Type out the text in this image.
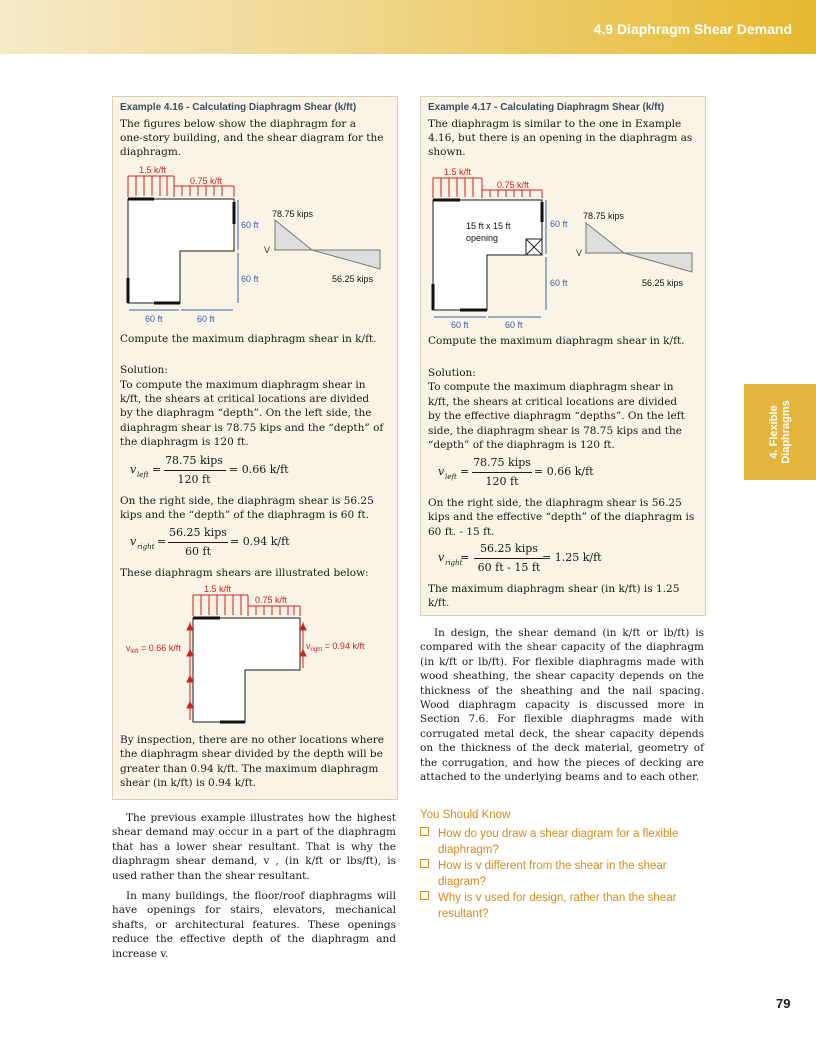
4.9 Diaphragm Shear Demand
4. Flexible Diaphragms
Example 4.16 - Calculating Diaphragm Shear (k/ft)
The figures below show the diaphragm for a
one-story building, and the shear diagram for the
diaphragm.
1.5 k/ft
0.75 k/ft
60 ft
60 ft
60 ft	60 ft
V
78.75 kips
56.25 kips
Compute the maximum diaphragm shear in k/ft.
Solution:
To compute the maximum diaphragm shear in
k/ft, the shears at critical locations are divided
by the diaphragm “depth”. On the left side, the
diaphragm shear is 78.75 kips and the “depth” of
the diaphragm is 120 ft.
v left =
78.75 kips
120 ft
= 0.66 k/ft
On the right side, the diaphragm shear is 56.25
kips and the “depth” of the diaphragm is 60 ft.
v right =
56.25 kips
60 ft
= 0.94 k/ft
These diaphragm shears are illustrated below:
1.5 k/ft
0.75 k/ft
$v_{left} = 0.66$ k/ft	$v_{right} = 0.94$ k/ft
By inspection, there are no other locations where
the diaphragm shear divided by the depth will be
greater than 0.94 k/ft. The maximum diaphragm
shear (in k/ft) is 0.94 k/ft.
Example 4.17 - Calculating Diaphragm Shear (k/ft)
The diaphragm is similar to the one in Example
4.16, but there is an opening in the diaphragm as
shown.
1.5 k/ft
0.75 k/ft
15 ft x 15 ft
opening
60 ft
60 ft
60 ft	60 ft
V
78.75 kips
56.25 kips
Compute the maximum diaphragm shear in k/ft.
Solution:
To compute the maximum diaphragm shear in
k/ft, the shears at critical locations are divided
by the effective diaphragm “depths”. On the left
side, the diaphragm shear is 78.75 kips and the
“depth” of the diaphragm is 120 ft.
v left =
78.75 kips
120 ft
= 0.66 k/ft
On the right side, the diaphragm shear is 56.25
kips and the effective “depth” of the diaphragm is
60 ft. - 15 ft.
v right
=
56.25 kips
60 ft - 15 ft
= 1.25 k/ft
The maximum diaphragm shear (in k/ft) is 1.25
k/ft.

In design, the shear demand (in k/ft or lb/ft) is compared with the shear capacity of the diaphragm (in k/ft or lb/ft). For flexible diaphragms made with wood sheathing, the shear capacity depends on the thickness of the sheathing and the nail spacing. Wood diaphragm capacity is discussed more in Section 7.6. For flexible diaphragms made with corrugated metal deck, the shear capacity depends on the thickness of the deck material, geometry of the corrugation, and how the pieces of decking are attached to the underlying beams and to each other.

The previous example illustrates how the highest shear demand may occur in a part of the diaphragm that has a lower shear resultant. That is why the diaphragm shear demand, v , (in k/ft or lbs/ft), is used rather than the shear resultant.

In many buildings, the floor/roof diaphragms will have openings for stairs, elevators, mechanical shafts, or architectural features. These openings reduce the effective depth of the diaphragm and increase v.

You Should Know
How do you draw a shear diagram for a flexible diaphragm?
How is v different from the shear in the shear diagram?
Why is v used for design, rather than the shear resultant?
79
